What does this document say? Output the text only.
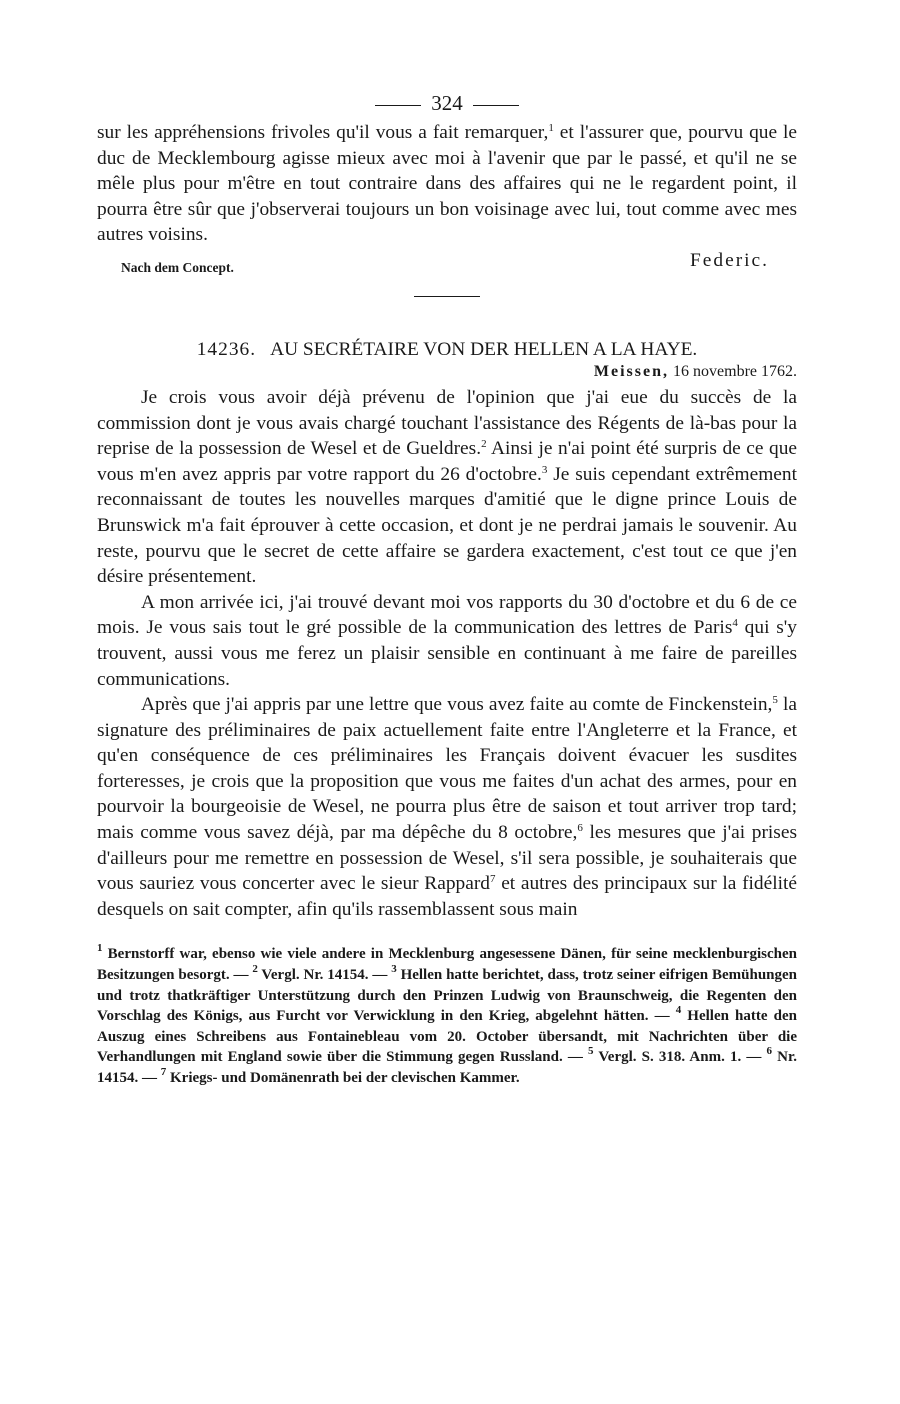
324

sur les appréhensions frivoles qu'il vous a fait remarquer,$^1$ et l'assurer que, pourvu que le duc de Mecklembourg agisse mieux avec moi à l'avenir que par le passé, et qu'il ne se mêle plus pour m'être en tout contraire dans des affaires qui ne le regardent point, il pourra être sûr que j'observerai toujours un bon voisinage avec lui, tout comme avec mes autres voisins.

Nach dem Concept.	Federic.
14236. AU SECRÉTAIRE VON DER HELLEN A LA HAYE.
Meissen, 16 novembre 1762.

Je crois vous avoir déjà prévenu de l'opinion que j'ai eue du succès de la commission dont je vous avais chargé touchant l'assistance des Régents de là-bas pour la reprise de la possession de Wesel et de Gueldres.$^2$ Ainsi je n'ai point été surpris de ce que vous m'en avez appris par votre rapport du 26 d'octobre.$^3$ Je suis cependant extrêmement reconnaissant de toutes les nouvelles marques d'amitié que le digne prince Louis de Brunswick m'a fait éprouver à cette occasion, et dont je ne perdrai jamais le souvenir. Au reste, pourvu que le secret de cette affaire se gardera exactement, c'est tout ce que j'en désire présentement.

A mon arrivée ici, j'ai trouvé devant moi vos rapports du 30 d'octobre et du 6 de ce mois. Je vous sais tout le gré possible de la communication des lettres de Paris$^4$ qui s'y trouvent, aussi vous me ferez un plaisir sensible en continuant à me faire de pareilles communications.

Après que j'ai appris par une lettre que vous avez faite au comte de Finckenstein,$^5$ la signature des préliminaires de paix actuellement faite entre l'Angleterre et la France, et qu'en conséquence de ces préliminaires les Français doivent évacuer les susdites forteresses, je crois que la proposition que vous me faites d'un achat des armes, pour en pourvoir la bourgeoisie de Wesel, ne pourra plus être de saison et tout arriver trop tard; mais comme vous savez déjà, par ma dépêche du 8 octobre,$^6$ les mesures que j'ai prises d'ailleurs pour me remettre en possession de Wesel, s'il sera possible, je souhaiterais que vous sauriez vous concerter avec le sieur Rappard$^7$ et autres des principaux sur la fidélité desquels on sait compter, afin qu'ils rassemblassent sous main

$^1$ Bernstorff war, ebenso wie viele andere in Mecklenburg angesessene Dänen, für seine mecklenburgischen Besitzungen besorgt. — $^2$ Vergl. Nr. 14154. — $^3$ Hellen hatte berichtet, dass, trotz seiner eifrigen Bemühungen und trotz thatkräftiger Unterstützung durch den Prinzen Ludwig von Braunschweig, die Regenten den Vorschlag des Königs, aus Furcht vor Verwicklung in den Krieg, abgelehnt hätten. — $^4$ Hellen hatte den Auszug eines Schreibens aus Fontainebleau vom 20. October übersandt, mit Nachrichten über die Verhandlungen mit England sowie über die Stimmung gegen Russland. — $^5$ Vergl. S. 318. Anm. 1. — $^6$ Nr. 14154. — $^7$ Kriegs- und Domänenrath bei der clevischen Kammer.
